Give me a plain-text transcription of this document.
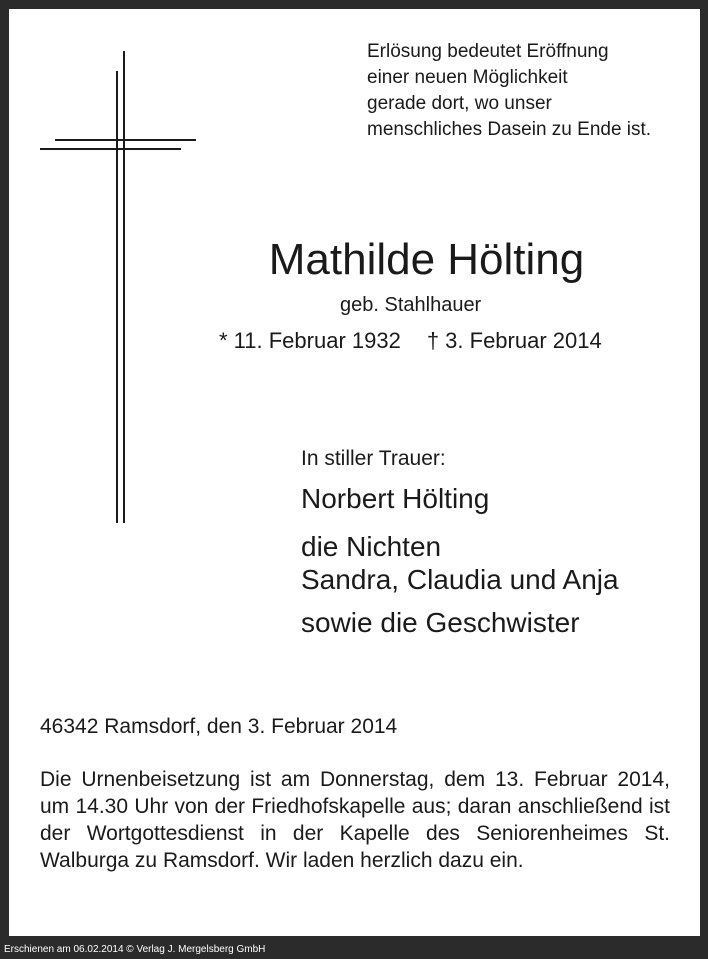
Erlösung bedeutet Eröffnung
einer neuen Möglichkeit
gerade dort, wo unser
menschliches Dasein zu Ende ist.
Mathilde Hölting
geb. Stahlhauer
* 11. Februar 1932 † 3. Februar 2014
In stiller Trauer:
Norbert Hölting
die Nichten
Sandra, Claudia und Anja
sowie die Geschwister
46342 Ramsdorf, den 3. Februar 2014
Die Urnenbeisetzung ist am Donnerstag, dem 13. Februar 2014, um 14.30 Uhr von der Friedhofskapelle aus; daran anschließend ist der Wortgottesdienst in der Kapelle des Seniorenheimes St. Walburga zu Ramsdorf. Wir laden herzlich dazu ein.
Erschienen am 06.02.2014 © Verlag J. Mergelsberg GmbH
